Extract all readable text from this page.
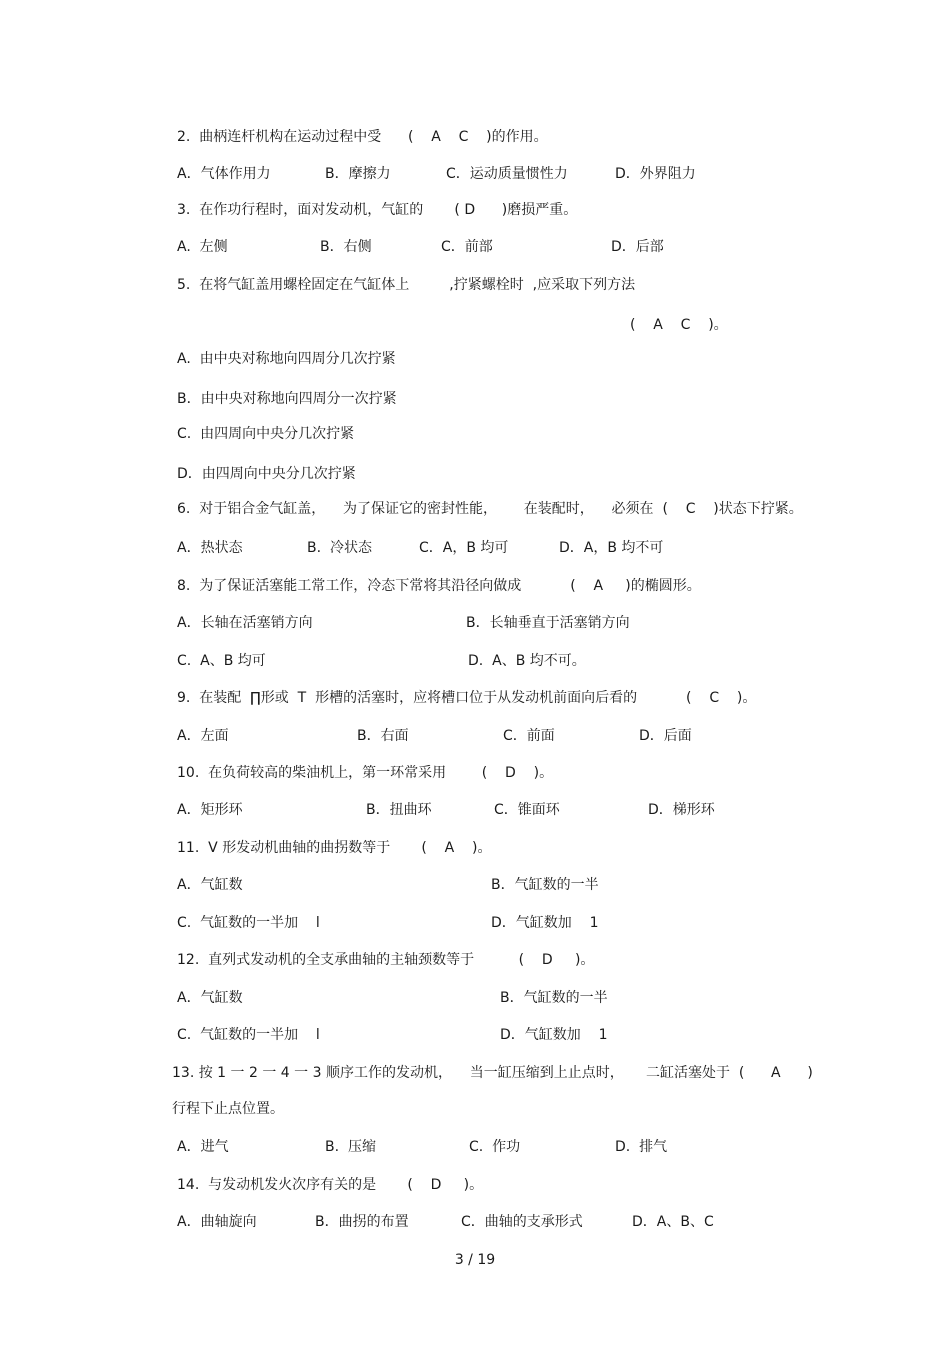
2.  曲柄连杆机构在运动过程中受      (    A    C    )的作用。
A．气体作用力	B．摩擦力	C．运动质量惯性力	D．外界阻力
3.  在作功行程时，面对发动机，气缸的       ( D      )磨损严重。
A.  左侧	B．右侧	C．前部	D．后部
5.  在将气缸盖用螺栓固定在气缸体上         ,拧紧螺栓时  ,应采取下列方法
(    A    C    )。
A.  由中央对称地向四周分几次拧紧
B．由中央对称地向四周分一次拧紧
C.  由四周向中央分几次拧紧
D．由四周向中央分几次拧紧
6.  对于铝合金气缸盖，    为了保证它的密封性能，      在装配时，    必须在  (    C    )状态下拧紧。
A．热状态	B.  冷状态	C．A，B 均可	D．A，B 均不可
8.  为了保证活塞能工常工作，冷态下常将其沿径向做成           (    A     )的椭圆形。
A．长轴在活塞销方向	B．长轴垂直于活塞销方向
C.  A、B 均可	D.  A、B 均不可。
9.  在装配  ∏形或  T  形槽的活塞时，应将槽口位于从发动机前面向后看的           (    C    )。
A．左面	B．右面	C．前面	D．后面
10.  在负荷较高的柴油机上，第一环常采用        (    D    )。
A．矩形环	B．扭曲环	C．锥面环	D．梯形环
11.  V 形发动机曲轴的曲拐数等于       (    A    )。
A．气缸数	B．气缸数的一半
C.  气缸数的一半加    l	D．气缸数加    1
12.  直列式发动机的全支承曲轴的主轴颈数等于          (    D     )。
A．气缸数	B．气缸数的一半
C.  气缸数的一半加    l	D．气缸数加    1
13. 按 1 一 2 一 4 一 3 顺序工作的发动机，    当一缸压缩到上止点时，     二缸活塞处于  (      A      )
行程下止点位置。
A．进气	B.  压缩	C.  作功	D.  排气
14.  与发动机发火次序有关的是       (    D     )。
A．曲轴旋向	B．曲拐的布置	C．曲轴的支承形式	D．A、B、C
3 / 19
